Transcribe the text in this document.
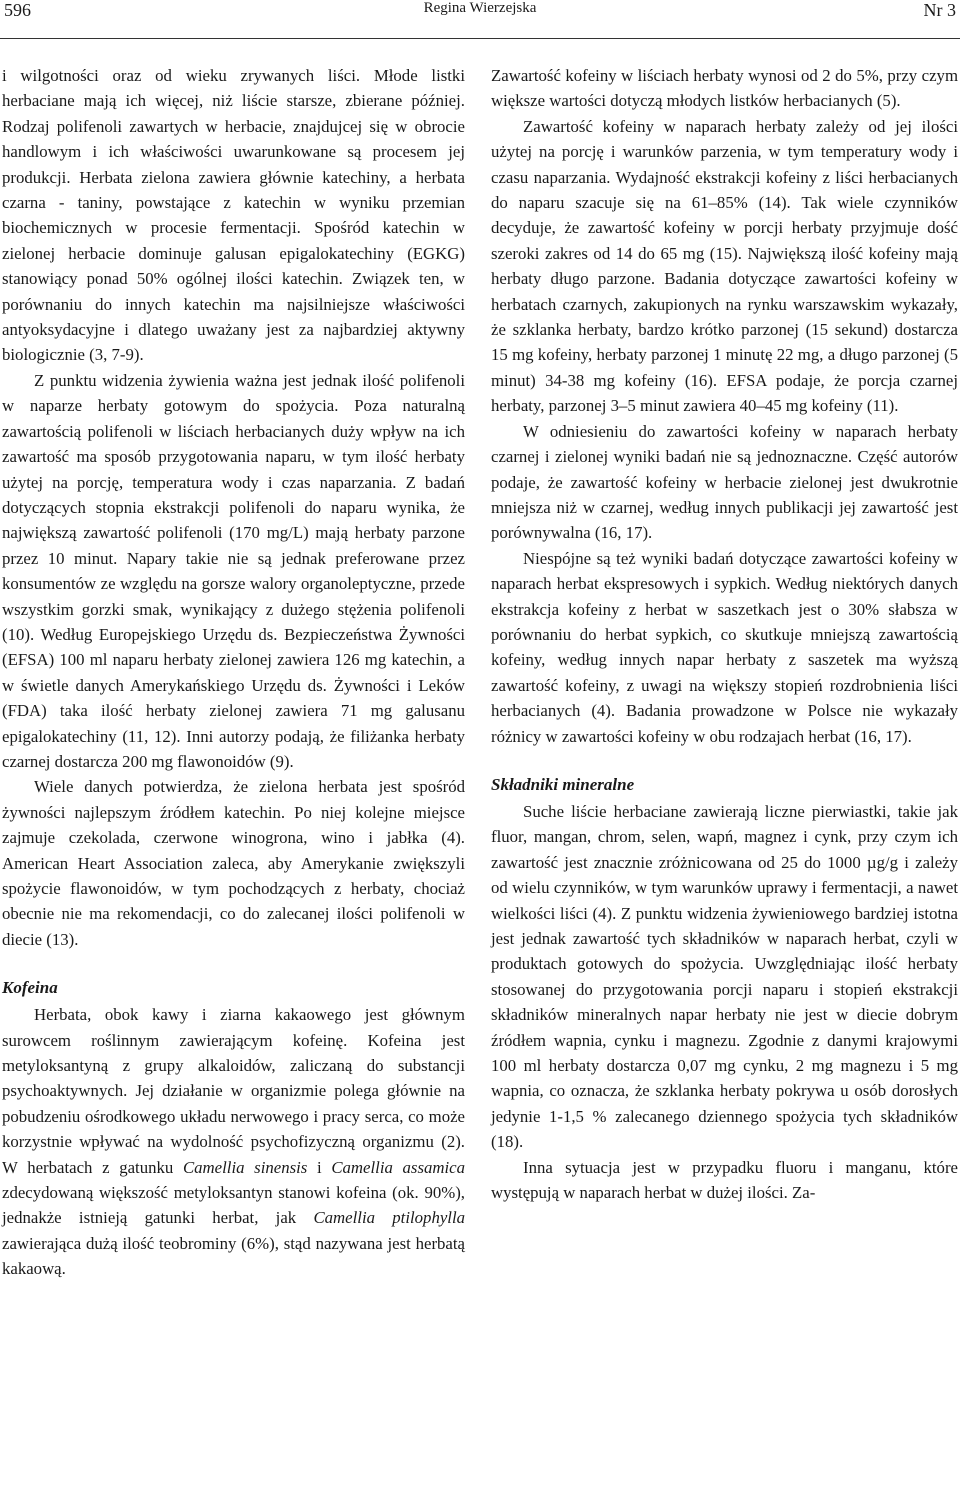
596	Regina Wierzejska	Nr 3

i wilgotności oraz od wieku zrywanych liści. Młode listki herbaciane mają ich więcej, niż liście starsze, zbierane później. Rodzaj polifenoli zawartych w herbacie, znajdujcej się w obrocie handlowym i ich właściwości uwarunkowane są procesem jej produkcji. Herbata zielona zawiera głównie katechiny, a herbata czarna - taniny, powstające z katechin w wyniku przemian biochemicznych w procesie fermentacji. Spośród katechin w zielonej herbacie dominuje galusan epigalokatechiny (EGKG) stanowiący ponad 50% ogólnej ilości katechin. Związek ten, w porównaniu do innych katechin ma najsilniejsze właściwości antyoksydacyjne i dlatego uważany jest za najbardziej aktywny biologicznie (3, 7-9).

Z punktu widzenia żywienia ważna jest jednak ilość polifenoli w naparze herbaty gotowym do spożycia. Poza naturalną zawartością polifenoli w liściach herbacianych duży wpływ na ich zawartość ma sposób przygotowania naparu, w tym ilość herbaty użytej na porcję, temperatura wody i czas naparzania. Z badań dotyczących stopnia ekstrakcji polifenoli do naparu wynika, że największą zawartość polifenoli (170 mg/L) mają herbaty parzone przez 10 minut. Napary takie nie są jednak preferowane przez konsumentów ze względu na gorsze walory organoleptyczne, przede wszystkim gorzki smak, wynikający z dużego stężenia polifenoli (10). Według Europejskiego Urzędu ds. Bezpieczeństwa Żywności (EFSA) 100 ml naparu herbaty zielonej zawiera 126 mg katechin, a w świetle danych Amerykańskiego Urzędu ds. Żywności i Leków (FDA) taka ilość herbaty zielonej zawiera 71 mg galusanu epigalokatechiny (11, 12). Inni autorzy podają, że filiżanka herbaty czarnej dostarcza 200 mg flawonoidów (9).

Wiele danych potwierdza, że zielona herbata jest spośród żywności najlepszym źródłem katechin. Po niej kolejne miejsce zajmuje czekolada, czerwone winogrona, wino i jabłka (4). American Heart Association zaleca, aby Amerykanie zwiększyli spożycie flawonoidów, w tym pochodzących z herbaty, chociaż obecnie nie ma rekomendacji, co do zalecanej ilości polifenoli w diecie (13).

Kofeina

Herbata, obok kawy i ziarna kakaowego jest głównym surowcem roślinnym zawierającym kofeinę. Kofeina jest metyloksantyną z grupy alkaloidów, zaliczaną do substancji psychoaktywnych. Jej działanie w organizmie polega głównie na pobudzeniu ośrodkowego układu nerwowego i pracy serca, co może korzystnie wpływać na wydolność psychofizyczną organizmu (2). W herbatach z gatunku Camellia sinensis i Camellia assamica zdecydowaną większość metyloksantyn stanowi kofeina (ok. 90%), jednakże istnieją gatunki herbat, jak Camellia ptilophylla zawierająca dużą ilość teobrominy (6%), stąd nazywana jest herbatą kakaową.

Zawartość kofeiny w liściach herbaty wynosi od 2 do 5%, przy czym większe wartości dotyczą młodych listków herbacianych (5).

Zawartość kofeiny w naparach herbaty zależy od jej ilości użytej na porcję i warunków parzenia, w tym temperatury wody i czasu naparzania. Wydajność ekstrakcji kofeiny z liści herbacianych do naparu szacuje się na 61–85% (14). Tak wiele czynników decyduje, że zawartość kofeiny w porcji herbaty przyjmuje dość szeroki zakres od 14 do 65 mg (15). Największą ilość kofeiny mają herbaty długo parzone. Badania dotyczące zawartości kofeiny w herbatach czarnych, zakupionych na rynku warszawskim wykazały, że szklanka herbaty, bardzo krótko parzonej (15 sekund) dostarcza 15 mg kofeiny, herbaty parzonej 1 minutę 22 mg, a długo parzonej (5 minut) 34-38 mg kofeiny (16). EFSA podaje, że porcja czarnej herbaty, parzonej 3–5 minut zawiera 40–45 mg kofeiny (11).

W odniesieniu do zawartości kofeiny w naparach herbaty czarnej i zielonej wyniki badań nie są jednoznaczne. Część autorów podaje, że zawartość kofeiny w herbacie zielonej jest dwukrotnie mniejsza niż w czarnej, według innych publikacji jej zawartość jest porównywalna (16, 17).

Niespójne są też wyniki badań dotyczące zawartości kofeiny w naparach herbat ekspresowych i sypkich. Według niektórych danych ekstrakcja kofeiny z herbat w saszetkach jest o 30% słabsza w porównaniu do herbat sypkich, co skutkuje mniejszą zawartością kofeiny, według innych napar herbaty z saszetek ma wyższą zawartość kofeiny, z uwagi na większy stopień rozdrobnienia liści herbacianych (4). Badania prowadzone w Polsce nie wykazały różnicy w zawartości kofeiny w obu rodzajach herbat (16, 17).

Składniki mineralne

Suche liście herbaciane zawierają liczne pierwiastki, takie jak fluor, mangan, chrom, selen, wapń, magnez i cynk, przy czym ich zawartość jest znacznie zróżnicowana od 25 do 1000 µg/g i zależy od wielu czynników, w tym warunków uprawy i fermentacji, a nawet wielkości liści (4). Z punktu widzenia żywieniowego bardziej istotna jest jednak zawartość tych składników w naparach herbat, czyli w produktach gotowych do spożycia. Uwzględniając ilość herbaty stosowanej do przygotowania porcji naparu i stopień ekstrakcji składników mineralnych napar herbaty nie jest w diecie dobrym źródłem wapnia, cynku i magnezu. Zgodnie z danymi krajowymi 100 ml herbaty dostarcza 0,07 mg cynku, 2 mg magnezu i 5 mg wapnia, co oznacza, że szklanka herbaty pokrywa u osób dorosłych jedynie 1-1,5 % zalecanego dziennego spożycia tych składników (18).

Inna sytuacja jest w przypadku fluoru i manganu, które występują w naparach herbat w dużej ilości. Za-
